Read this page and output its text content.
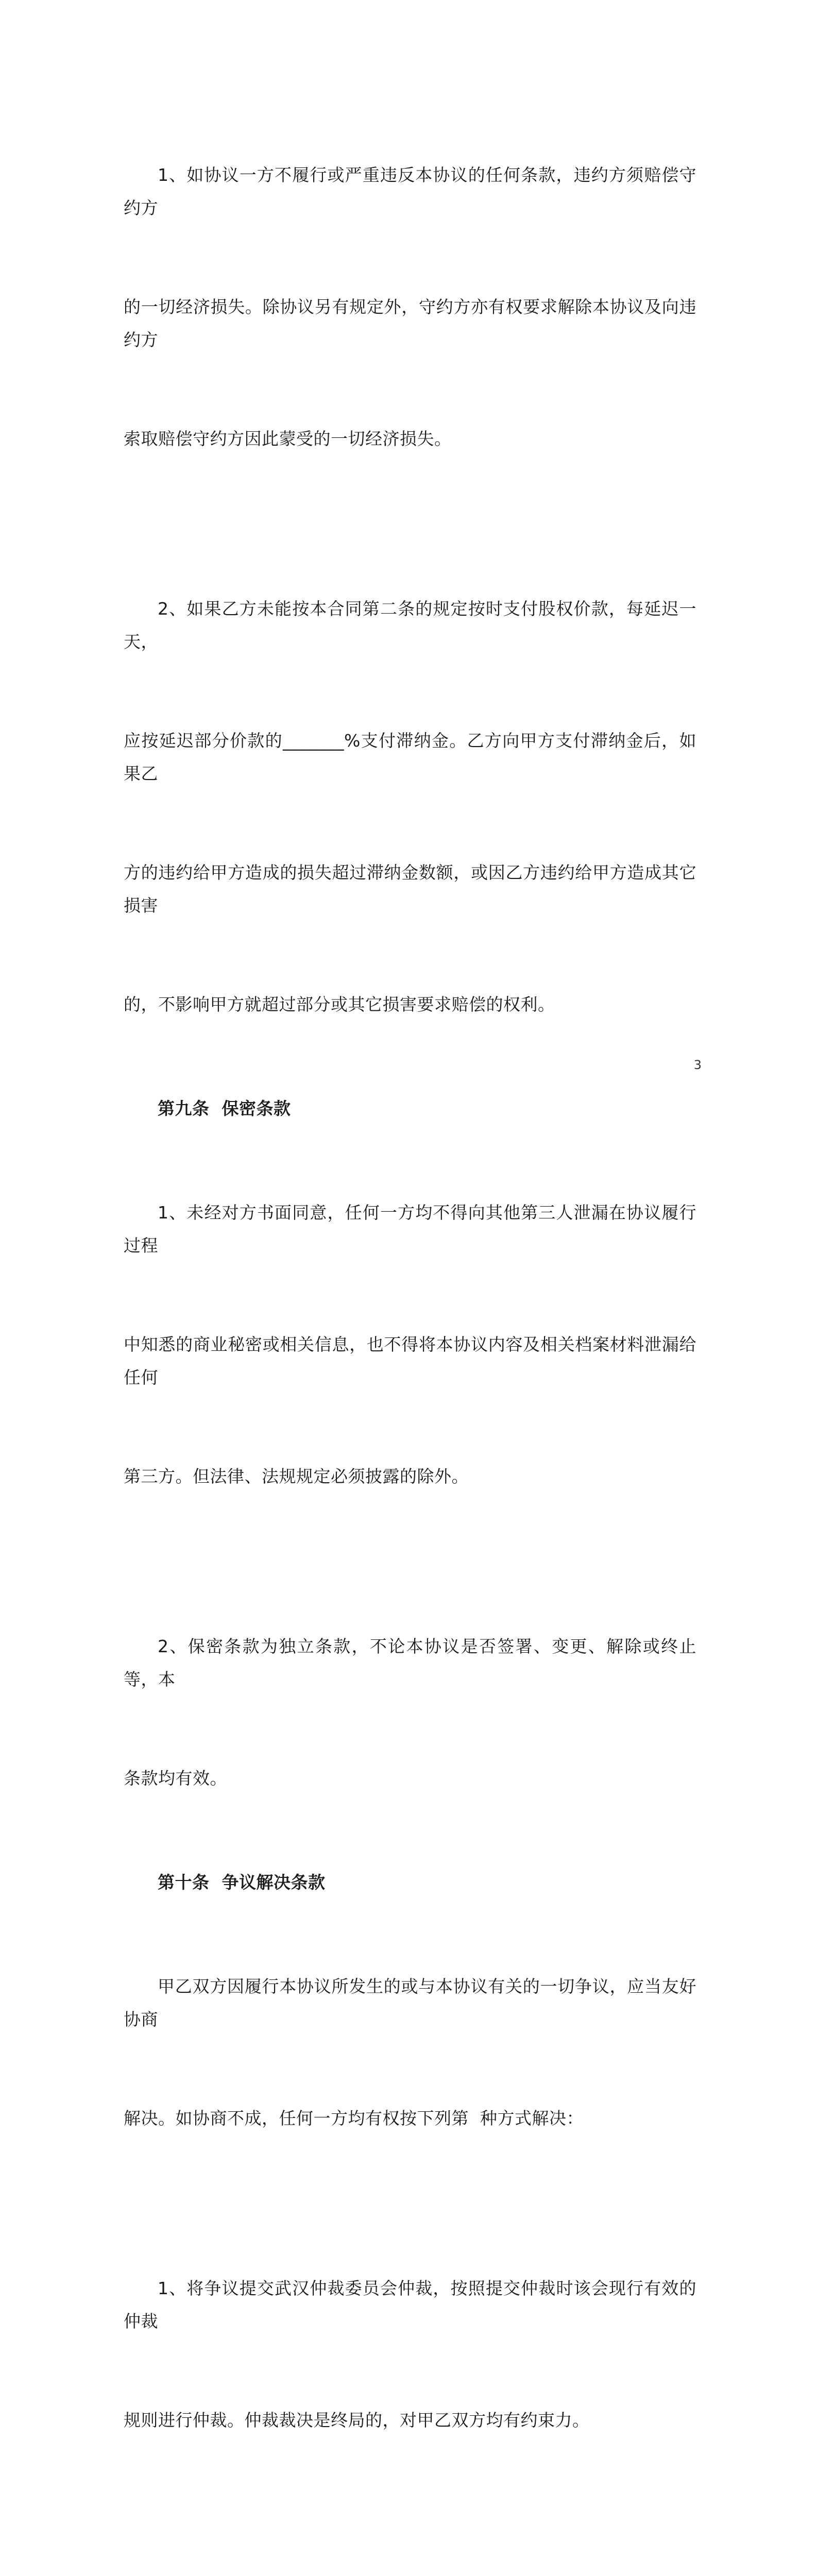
1、如协议一方不履行或严重违反本协议的任何条款，违约方须赔偿守约方

的一切经济损失。除协议另有规定外，守约方亦有权要求解除本协议及向违约方

索取赔偿守约方因此蒙受的一切经济损失。

2、如果乙方未能按本合同第二条的规定按时支付股权价款，每延迟一天，

应按延迟部分价款的_______%支付滞纳金。乙方向甲方支付滞纳金后，如果乙

方的违约给甲方造成的损失超过滞纳金数额，或因乙方违约给甲方造成其它损害

的，不影响甲方就超过部分或其它损害要求赔偿的权利。

第九条  保密条款

1、未经对方书面同意，任何一方均不得向其他第三人泄漏在协议履行过程

中知悉的商业秘密或相关信息，也不得将本协议内容及相关档案材料泄漏给任何

第三方。但法律、法规规定必须披露的除外。

2、保密条款为独立条款，不论本协议是否签署、变更、解除或终止等，本

条款均有效。

第十条  争议解决条款

甲乙双方因履行本协议所发生的或与本协议有关的一切争议，应当友好协商

解决。如协商不成，任何一方均有权按下列第  种方式解决：

1、将争议提交武汉仲裁委员会仲裁，按照提交仲裁时该会现行有效的仲裁

规则进行仲裁。仲裁裁决是终局的，对甲乙双方均有约束力。

3
